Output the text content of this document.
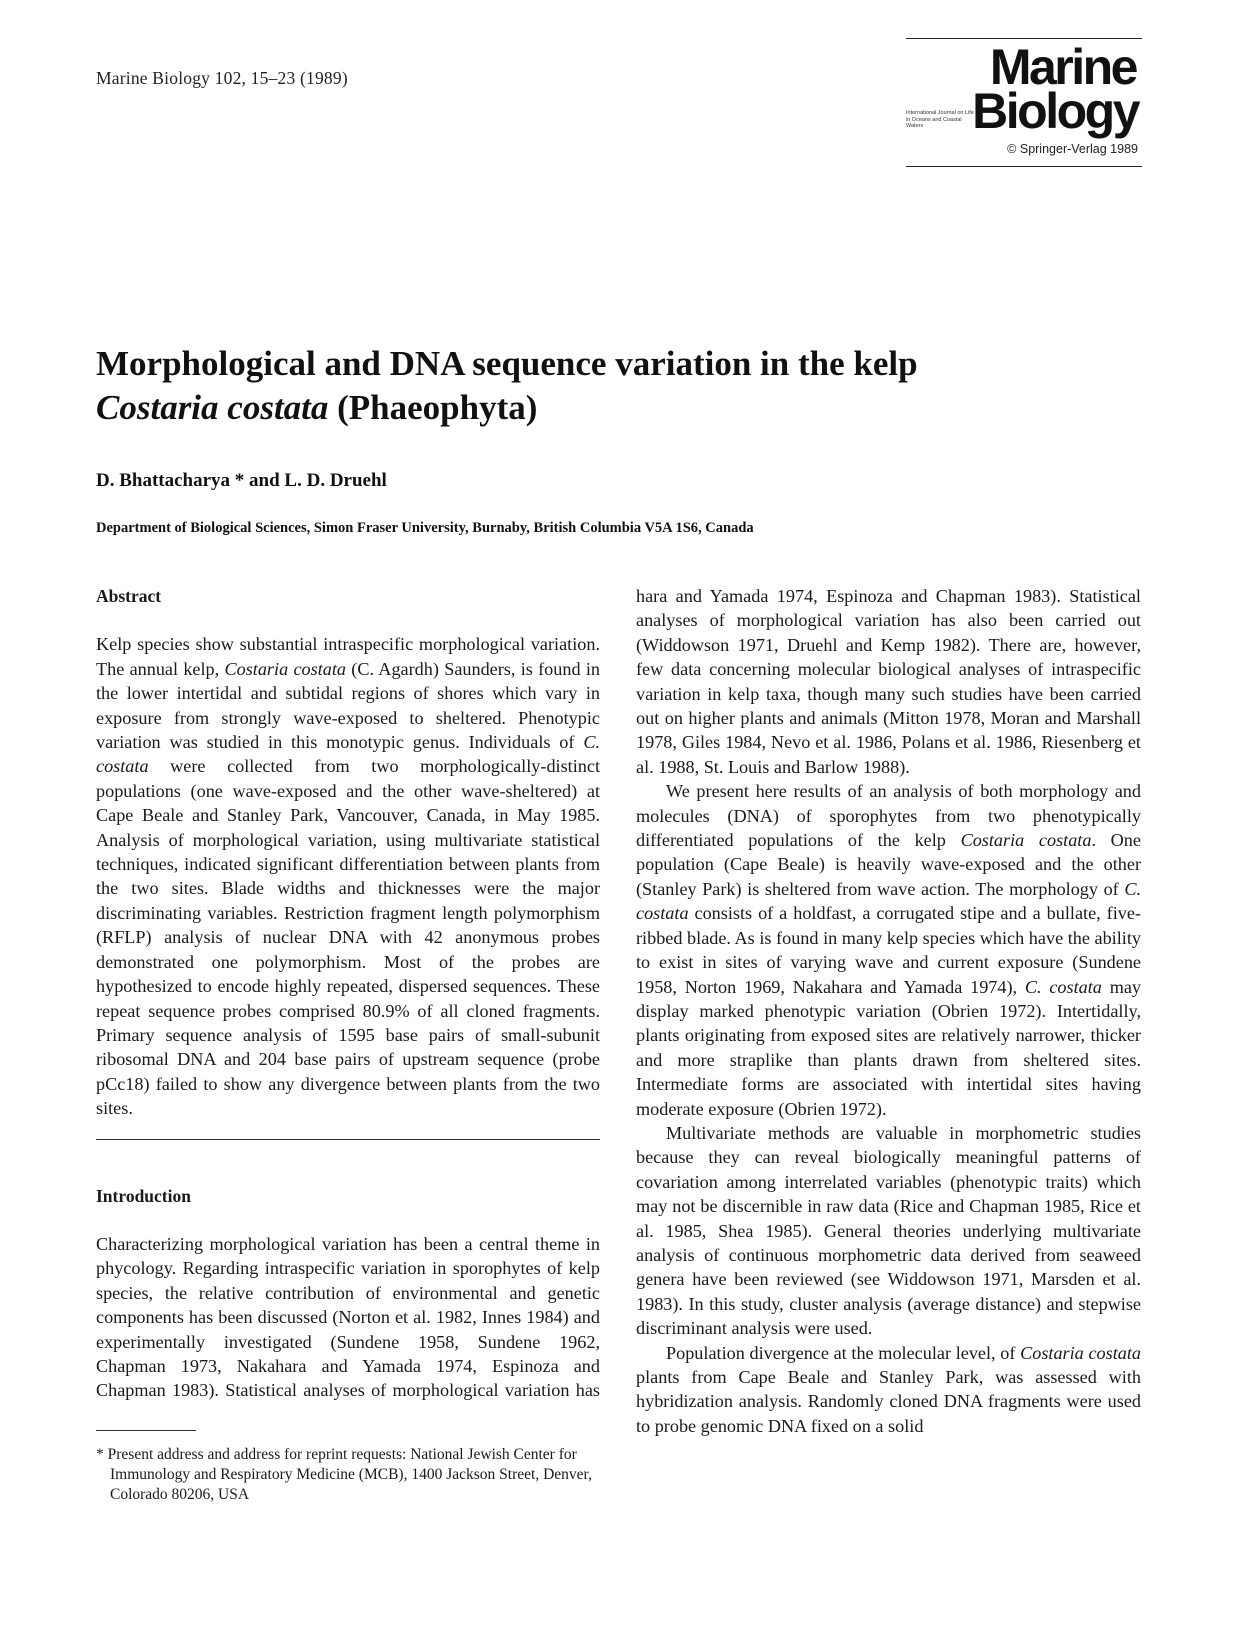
Marine Biology 102, 15–23 (1989)	Marine
Biology
International Journal on Life in Oceans and Coastal Waters
© Springer-Verlag 1989
Morphological and DNA sequence variation in the kelp
Costaria costata (Phaeophyta)
D. Bhattacharya * and L. D. Druehl
Department of Biological Sciences, Simon Fraser University, Burnaby, British Columbia V5A 1S6, Canada

Abstract

Kelp species show substantial intraspecific morphological variation. The annual kelp, Costaria costata (C. Agardh) Saunders, is found in the lower intertidal and subtidal regions of shores which vary in exposure from strongly wave-exposed to sheltered. Phenotypic variation was studied in this monotypic genus. Individuals of C. costata were collected from two morphologically-distinct populations (one wave-exposed and the other wave-sheltered) at Cape Beale and Stanley Park, Vancouver, Canada, in May 1985. Analysis of morphological variation, using multivariate statistical techniques, indicated significant differentiation between plants from the two sites. Blade widths and thicknesses were the major discriminating variables. Restriction fragment length polymorphism (RFLP) analysis of nuclear DNA with 42 anonymous probes demonstrated one polymorphism. Most of the probes are hypothesized to encode highly repeated, dispersed sequences. These repeat sequence probes comprised 80.9% of all cloned fragments. Primary sequence analysis of 1595 base pairs of small-subunit ribosomal DNA and 204 base pairs of upstream sequence (probe pCc18) failed to show any divergence between plants from the two sites.

Introduction

Characterizing morphological variation has been a central theme in phycology. Regarding intraspecific variation in sporophytes of kelp species, the relative contribution of environmental and genetic components has been discussed (Norton et al. 1982, Innes 1984) and experimentally investigated (Sundene 1958, Sundene 1962, Chapman 1973, Nakahara and Yamada 1974, Espinoza and Chapman 1983). Statistical analyses of morphological variation has

* Present address and address for reprint requests: National Jewish Center for Immunology and Respiratory Medicine (MCB), 1400 Jackson Street, Denver, Colorado 80206, USA

hara and Yamada 1974, Espinoza and Chapman 1983). Statistical analyses of morphological variation has also been carried out (Widdowson 1971, Druehl and Kemp 1982). There are, however, few data concerning molecular biological analyses of intraspecific variation in kelp taxa, though many such studies have been carried out on higher plants and animals (Mitton 1978, Moran and Marshall 1978, Giles 1984, Nevo et al. 1986, Polans et al. 1986, Riesenberg et al. 1988, St. Louis and Barlow 1988).

We present here results of an analysis of both morphology and molecules (DNA) of sporophytes from two phenotypically differentiated populations of the kelp Costaria costata. One population (Cape Beale) is heavily wave-exposed and the other (Stanley Park) is sheltered from wave action. The morphology of C. costata consists of a holdfast, a corrugated stipe and a bullate, five-ribbed blade. As is found in many kelp species which have the ability to exist in sites of varying wave and current exposure (Sundene 1958, Norton 1969, Nakahara and Yamada 1974), C. costata may display marked phenotypic variation (Obrien 1972). Intertidally, plants originating from exposed sites are relatively narrower, thicker and more straplike than plants drawn from sheltered sites. Intermediate forms are associated with intertidal sites having moderate exposure (Obrien 1972).

Multivariate methods are valuable in morphometric studies because they can reveal biologically meaningful patterns of covariation among interrelated variables (phenotypic traits) which may not be discernible in raw data (Rice and Chapman 1985, Rice et al. 1985, Shea 1985). General theories underlying multivariate analysis of continuous morphometric data derived from seaweed genera have been reviewed (see Widdowson 1971, Marsden et al. 1983). In this study, cluster analysis (average distance) and stepwise discriminant analysis were used.

Population divergence at the molecular level, of Costaria costata plants from Cape Beale and Stanley Park, was assessed with hybridization analysis. Randomly cloned DNA fragments were used to probe genomic DNA fixed on a solid
